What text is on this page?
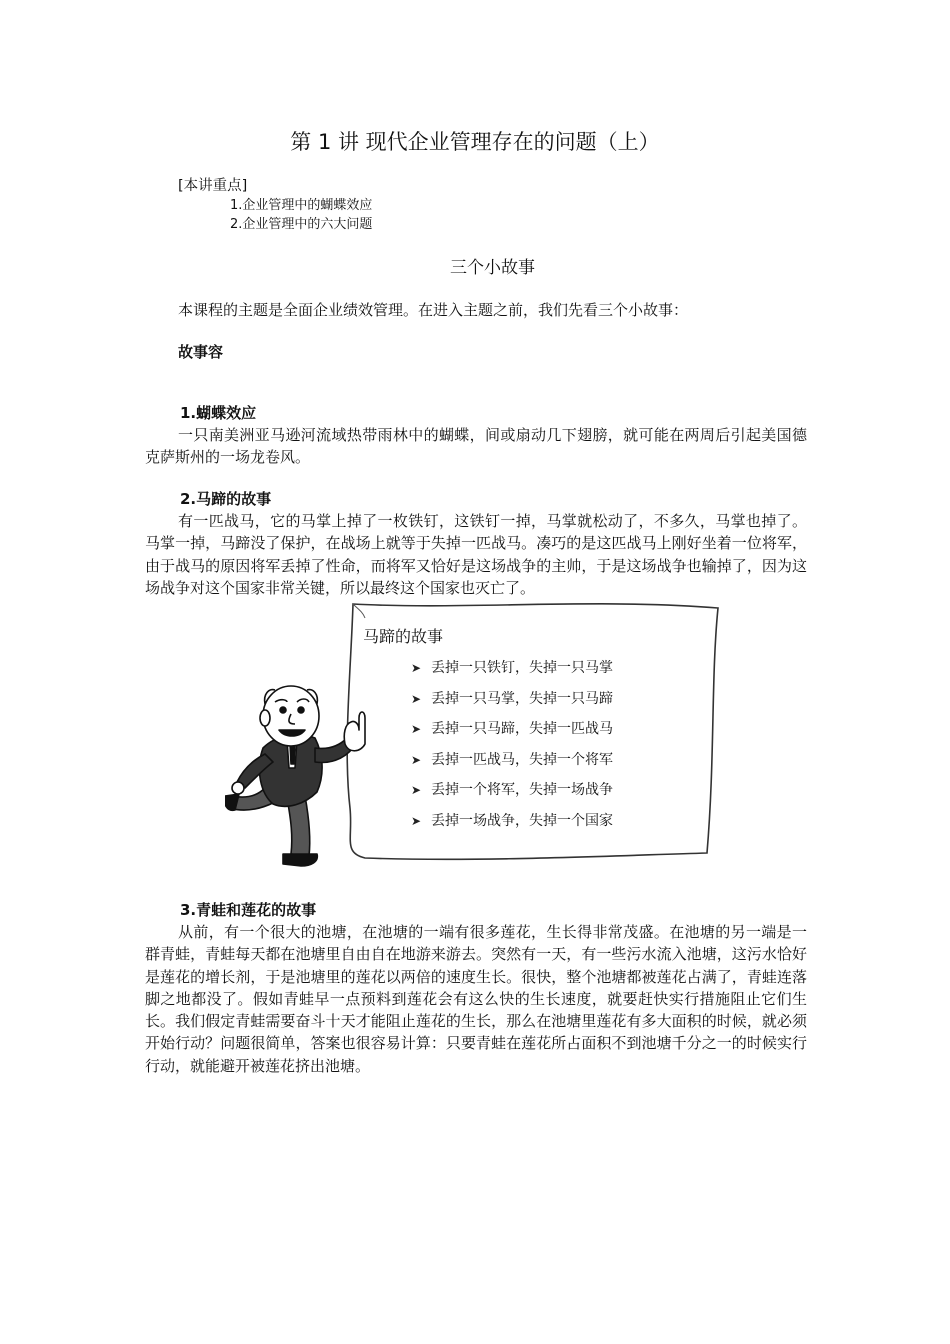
第 1 讲 现代企业管理存在的问题（上）
[本讲重点]
1.企业管理中的蝴蝶效应
2.企业管理中的六大问题
三个小故事
本课程的主题是全面企业绩效管理。在进入主题之前，我们先看三个小故事：
故事容
1.蝴蝶效应

一只南美洲亚马逊河流域热带雨林中的蝴蝶，间或扇动几下翅膀，就可能在两周后引起美国德克萨斯州的一场龙卷风。

2.马蹄的故事

有一匹战马，它的马掌上掉了一枚铁钉，这铁钉一掉，马掌就松动了，不多久，马掌也掉了。马掌一掉，马蹄没了保护，在战场上就等于失掉一匹战马。凑巧的是这匹战马上刚好坐着一位将军，由于战马的原因将军丢掉了性命，而将军又恰好是这场战争的主帅，于是这场战争也输掉了，因为这场战争对这个国家非常关键，所以最终这个国家也灭亡了。

马蹄的故事
➤ 丢掉一只铁钉，失掉一只马掌
➤ 丢掉一只马掌，失掉一只马蹄
➤ 丢掉一只马蹄，失掉一匹战马
➤ 丢掉一匹战马，失掉一个将军
➤ 丢掉一个将军，失掉一场战争
➤ 丢掉一场战争，失掉一个国家
3.青蛙和莲花的故事

从前，有一个很大的池塘，在池塘的一端有很多莲花，生长得非常茂盛。在池塘的另一端是一群青蛙，青蛙每天都在池塘里自由自在地游来游去。突然有一天，有一些污水流入池塘，这污水恰好是莲花的增长剂，于是池塘里的莲花以两倍的速度生长。很快，整个池塘都被莲花占满了，青蛙连落脚之地都没了。假如青蛙早一点预料到莲花会有这么快的生长速度，就要赶快实行措施阻止它们生长。我们假定青蛙需要奋斗十天才能阻止莲花的生长，那么在池塘里莲花有多大面积的时候，就必须开始行动？问题很简单，答案也很容易计算：只要青蛙在莲花所占面积不到池塘千分之一的时候实行行动，就能避开被莲花挤出池塘。
